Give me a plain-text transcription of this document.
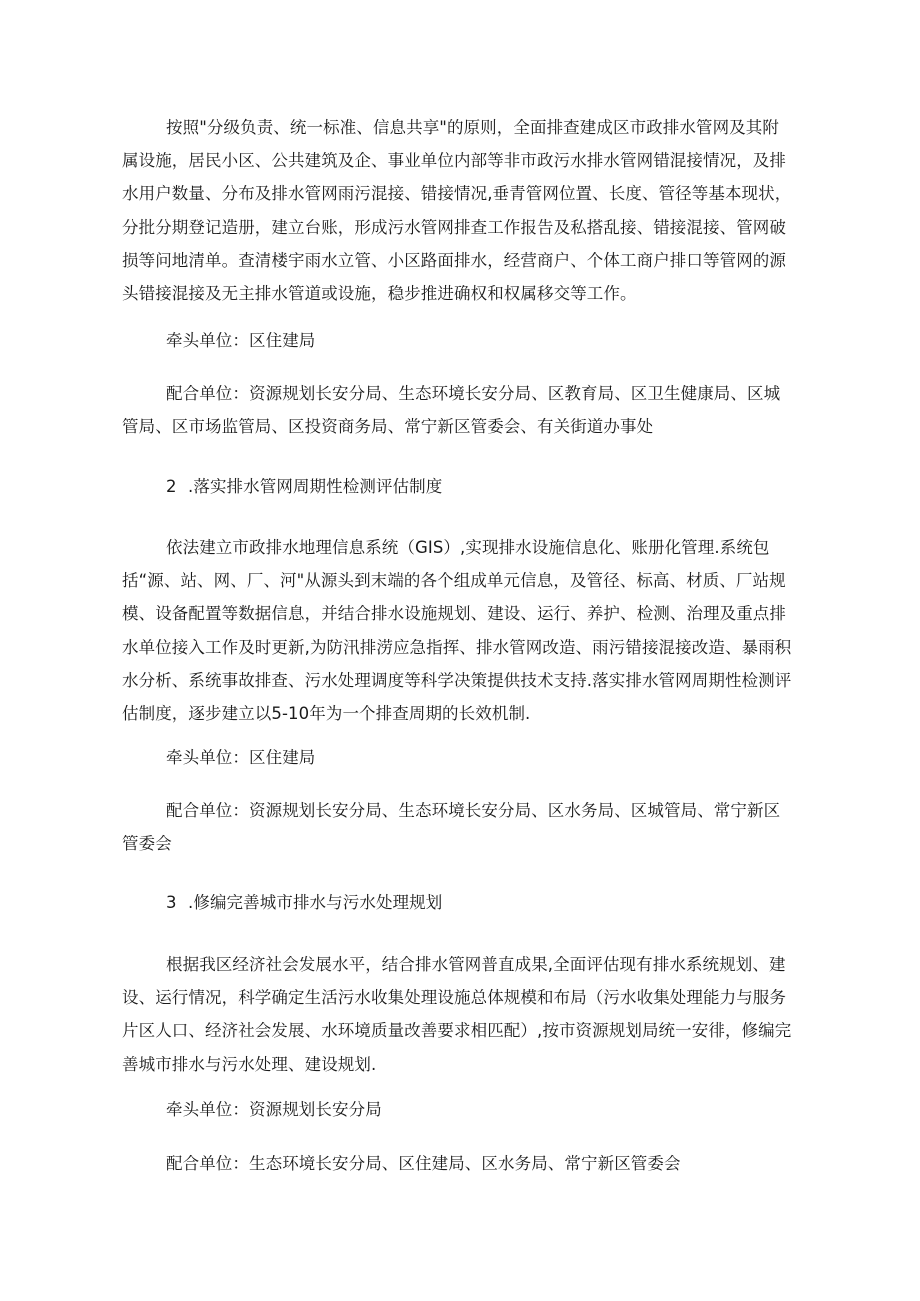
按照"分级负责、统一标准、信息共享"的原则，全面排查建成区市政排水管网及其附属设施，居民小区、公共建筑及企、事业单位内部等非市政污水排水管网错混接情况，及排水用户数量、分布及排水管网雨污混接、错接情况,垂青管网位置、长度、管径等基本现状，分批分期登记造册，建立台账，形成污水管网排查工作报告及私搭乱接、错接混接、管网破损等问地清单。查清楼宇雨水立管、小区路面排水，经营商户、个体工商户排口等管网的源头错接混接及无主排水管道或设施，稳步推进确权和权属移交等工作。

牵头单位：区住建局

配合单位：资源规划长安分局、生态环境长安分局、区教育局、区卫生健康局、区城管局、区市场监管局、区投资商务局、常宁新区管委会、有关街道办事处

2 .落实排水管网周期性检测评估制度

依法建立市政排水地理信息系统（GIS）,实现排水设施信息化、账册化管理.系统包括“源、站、网、厂、河"从源头到末端的各个组成单元信息，及管径、标高、材质、厂站规模、设备配置等数据信息，并结合排水设施规划、建设、运行、养护、检测、治理及重点排水单位接入工作及时更新,为防汛排涝应急指挥、排水管网改造、雨污错接混接改造、暴雨积水分析、系统事故排查、污水处理调度等科学决策提供技术支持.落实排水管网周期性检测评估制度，逐步建立以5-10年为一个排查周期的长效机制.

牵头单位：区住建局

配合单位：资源规划长安分局、生态环境长安分局、区水务局、区城管局、常宁新区管委会

3 .修编完善城市排水与污水处理规划

根据我区经济社会发展水平，结合排水管网普直成果,全面评估现有排水系统规划、建设、运行情况，科学确定生活污水收集处理设施总体规模和布局（污水收集处理能力与服务片区人口、经济社会发展、水环境质量改善要求相匹配）,按市资源规划局统一安徘，修编完善城市排水与污水处理、建设规划.

牵头单位：资源规划长安分局

配合单位：生态环境长安分局、区住建局、区水务局、常宁新区管委会
